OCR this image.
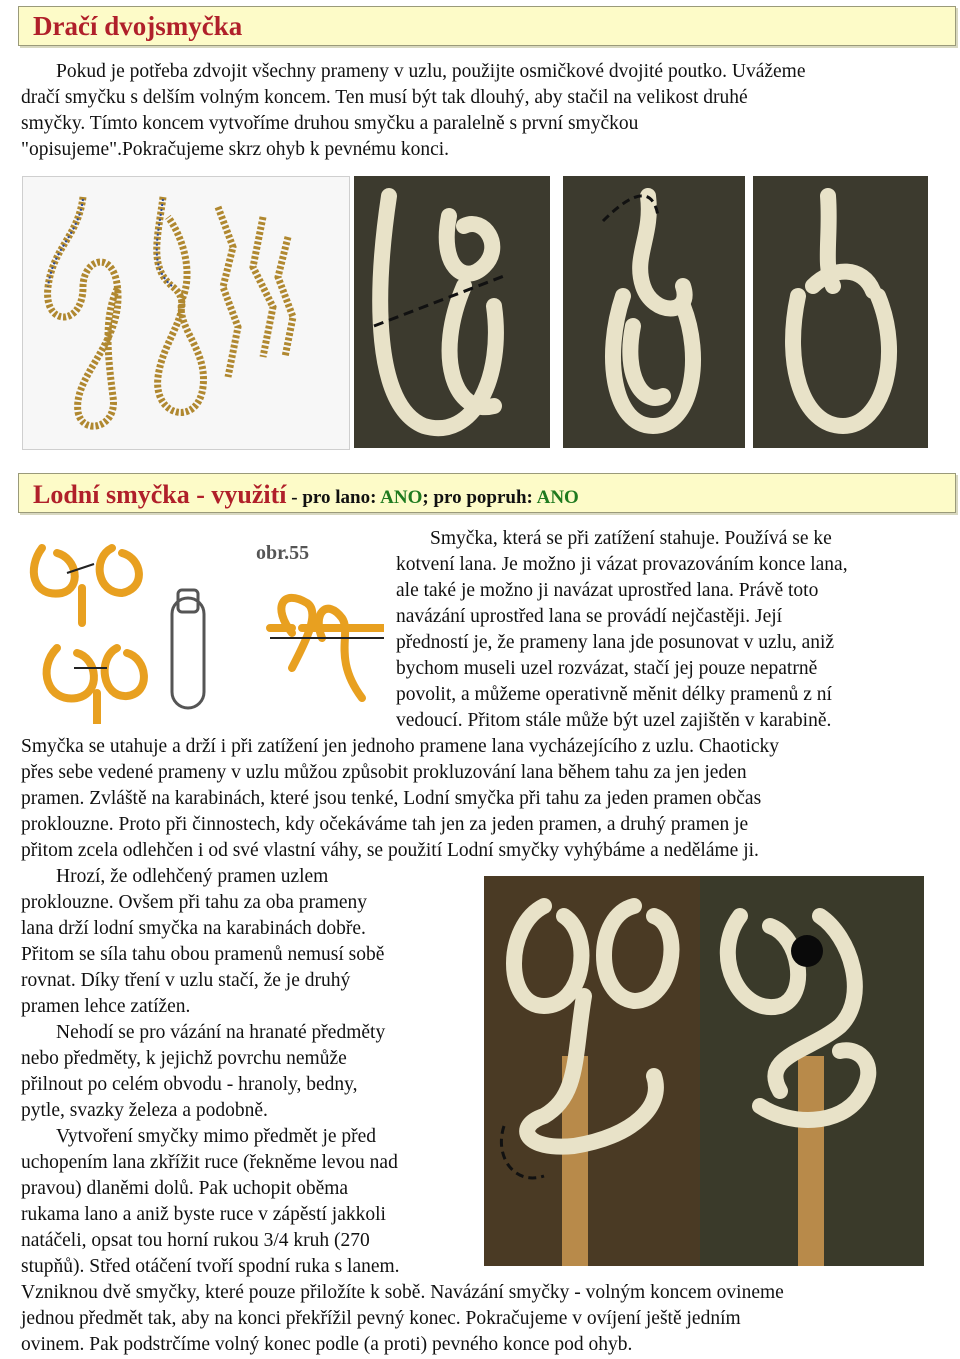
Dračí dvojsmyčka

Pokud je potřeba zdvojit všechny prameny v uzlu, použijte osmičkové dvojité poutko. Uvážeme

dračí smyčku s delším volným koncem. Ten musí být tak dlouhý, aby stačil na velikost druhé

smyčky. Tímto koncem vytvoříme druhou smyčku a paralelně s první smyčkou

"opisujeme".Pokračujeme skrz ohyb k pevnému konci.

Lodní smyčka - využití - pro lano: ANO; pro popruh: ANO
obr.55

Smyčka, která se při zatížení stahuje. Používá se ke

kotvení lana. Je možno ji vázat provazováním konce lana,

ale také je možno ji navázat uprostřed lana. Právě toto

navázání uprostřed lana se provádí nejčastěji. Její

předností je, že prameny lana jde posunovat v uzlu, aniž

bychom museli uzel rozvázat, stačí jej pouze nepatrně

povolit, a můžeme operativně měnit délky pramenů z ní

vedoucí. Přitom stále může být uzel zajištěn v karabině.

Smyčka se utahuje a drží i při zatížení jen jednoho pramene lana vycházejícího z uzlu. Chaoticky

přes sebe vedené prameny v uzlu můžou způsobit prokluzování lana během tahu za jen jeden

pramen. Zvláště na karabinách, které jsou tenké, Lodní smyčka při tahu za jeden pramen občas

proklouzne. Proto při činnostech, kdy očekáváme tah jen za jeden pramen, a druhý pramen je

přitom zcela odlehčen i od své vlastní váhy, se použití Lodní smyčky vyhýbáme a neděláme ji.

Hrozí, že odlehčený pramen uzlem

proklouzne. Ovšem při tahu za oba prameny

lana drží lodní smyčka na karabinách dobře.

Přitom se síla tahu obou pramenů nemusí sobě

rovnat. Díky tření v uzlu stačí, že je druhý

pramen lehce zatížen.

Nehodí se pro vázání na hranaté předměty

nebo předměty, k jejichž povrchu nemůže

přilnout po celém obvodu - hranoly, bedny,

pytle, svazky železa a podobně.

Vytvoření smyčky mimo předmět je před

uchopením lana zkřížit ruce (řekněme levou nad

pravou) dlaněmi dolů. Pak uchopit oběma

rukama lano a aniž byste ruce v zápěstí jakkoli

natáčeli, opsat tou horní rukou 3/4 kruh (270

stupňů). Střed otáčení tvoří spodní ruka s lanem.

Vzniknou dvě smyčky, které pouze přiložíte k sobě. Navázání smyčky - volným koncem ovineme

jednou předmět tak, aby na konci překřížil pevný konec. Pokračujeme v ovíjení ještě jedním

ovinem. Pak podstrčíme volný konec podle (a proti) pevného konce pod ohyb.
